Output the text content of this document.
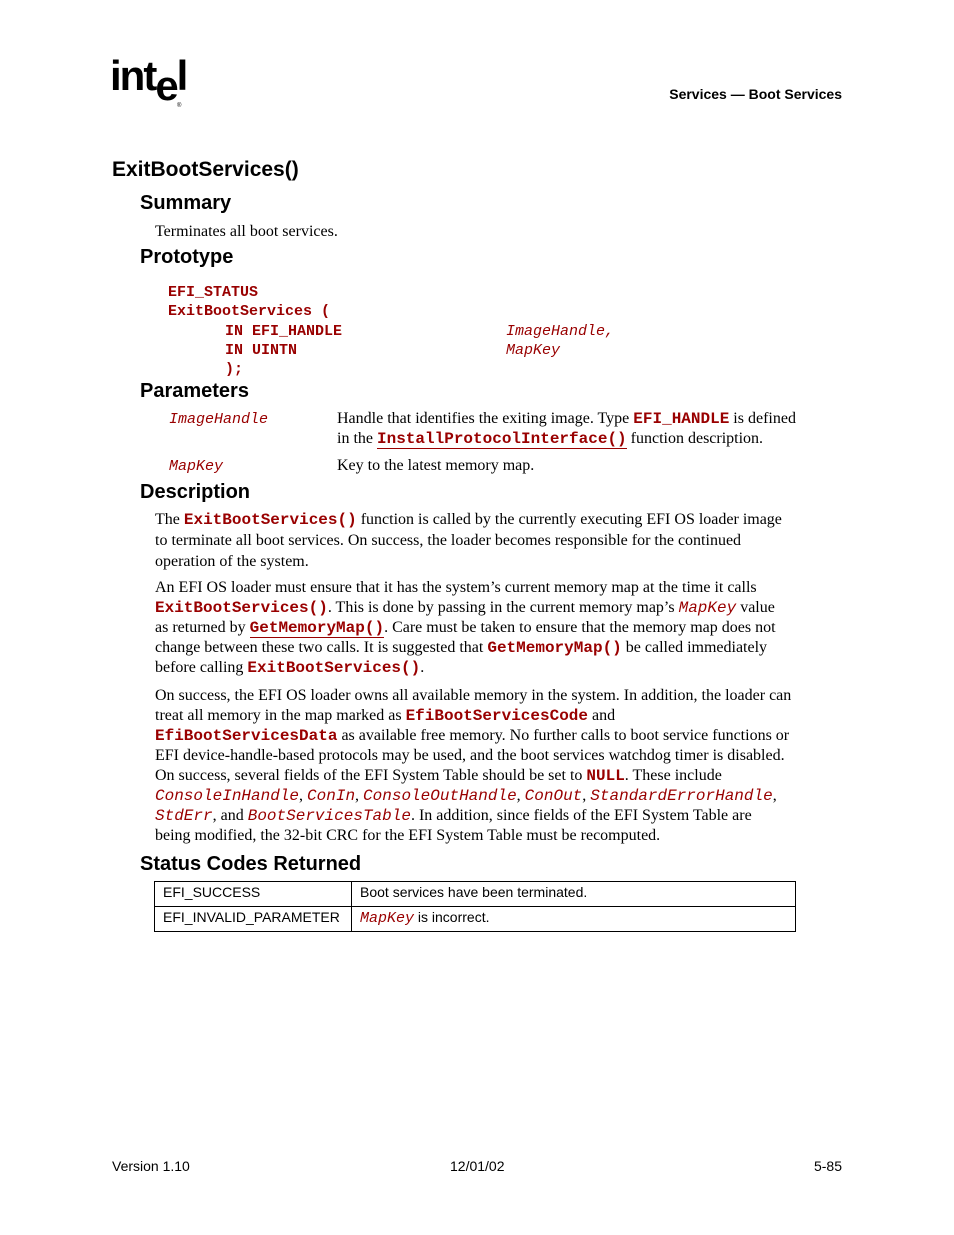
intel
®
Services — Boot Services
ExitBootServices()
Summary
Terminates all boot services.
Prototype
EFI_STATUS
ExitBootServices (
IN EFI_HANDLE	ImageHandle,
IN UINTN	MapKey
);
Parameters
ImageHandle	Handle that identifies the exiting image. Type EFI_HANDLE is defined

in the InstallProtocolInterface() function description.

MapKey	Key to the latest memory map.
Description

The ExitBootServices() function is called by the currently executing EFI OS loader image

to terminate all boot services. On success, the loader becomes responsible for the continued

operation of the system.

An EFI OS loader must ensure that it has the system’s current memory map at the time it calls

ExitBootServices(). This is done by passing in the current memory map’s MapKey value

as returned by GetMemoryMap(). Care must be taken to ensure that the memory map does not

change between these two calls. It is suggested that GetMemoryMap() be called immediately

before calling ExitBootServices().

On success, the EFI OS loader owns all available memory in the system. In addition, the loader can

treat all memory in the map marked as EfiBootServicesCode and

EfiBootServicesData as available free memory. No further calls to boot service functions or

EFI device-handle-based protocols may be used, and the boot services watchdog timer is disabled.

On success, several fields of the EFI System Table should be set to NULL. These include

ConsoleInHandle, ConIn, ConsoleOutHandle, ConOut, StandardErrorHandle,

StdErr, and BootServicesTable. In addition, since fields of the EFI System Table are

being modified, the 32-bit CRC for the EFI System Table must be recomputed.

Status Codes Returned
EFI_SUCCESS	Boot services have been terminated.
EFI_INVALID_PARAMETER	MapKey is incorrect.
Version 1.10	12/01/02	5-85
